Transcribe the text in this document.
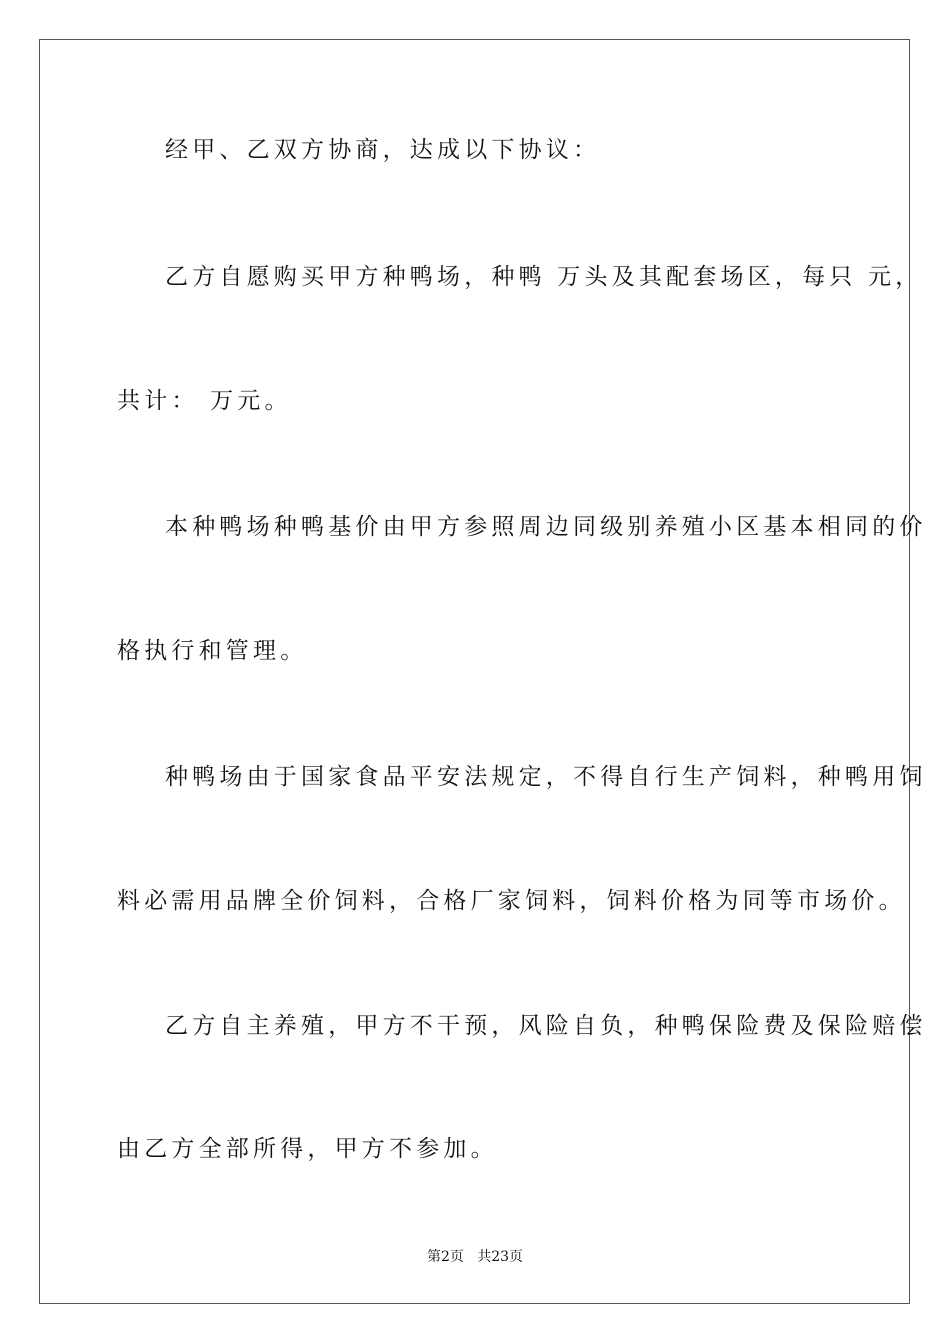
经甲、乙双方协商，达成以下协议：
乙方自愿购买甲方种鸭场，种鸭 万头及其配套场区，每只 元，
共计： 万元。
本种鸭场种鸭基价由甲方参照周边同级别养殖小区基本相同的价
格执行和管理。
种鸭场由于国家食品平安法规定，不得自行生产饲料，种鸭用饲
料必需用品牌全价饲料，合格厂家饲料，饲料价格为同等市场价。
乙方自主养殖，甲方不干预，风险自负，种鸭保险费及保险赔偿
由乙方全部所得，甲方不参加。
第2页   共23页
